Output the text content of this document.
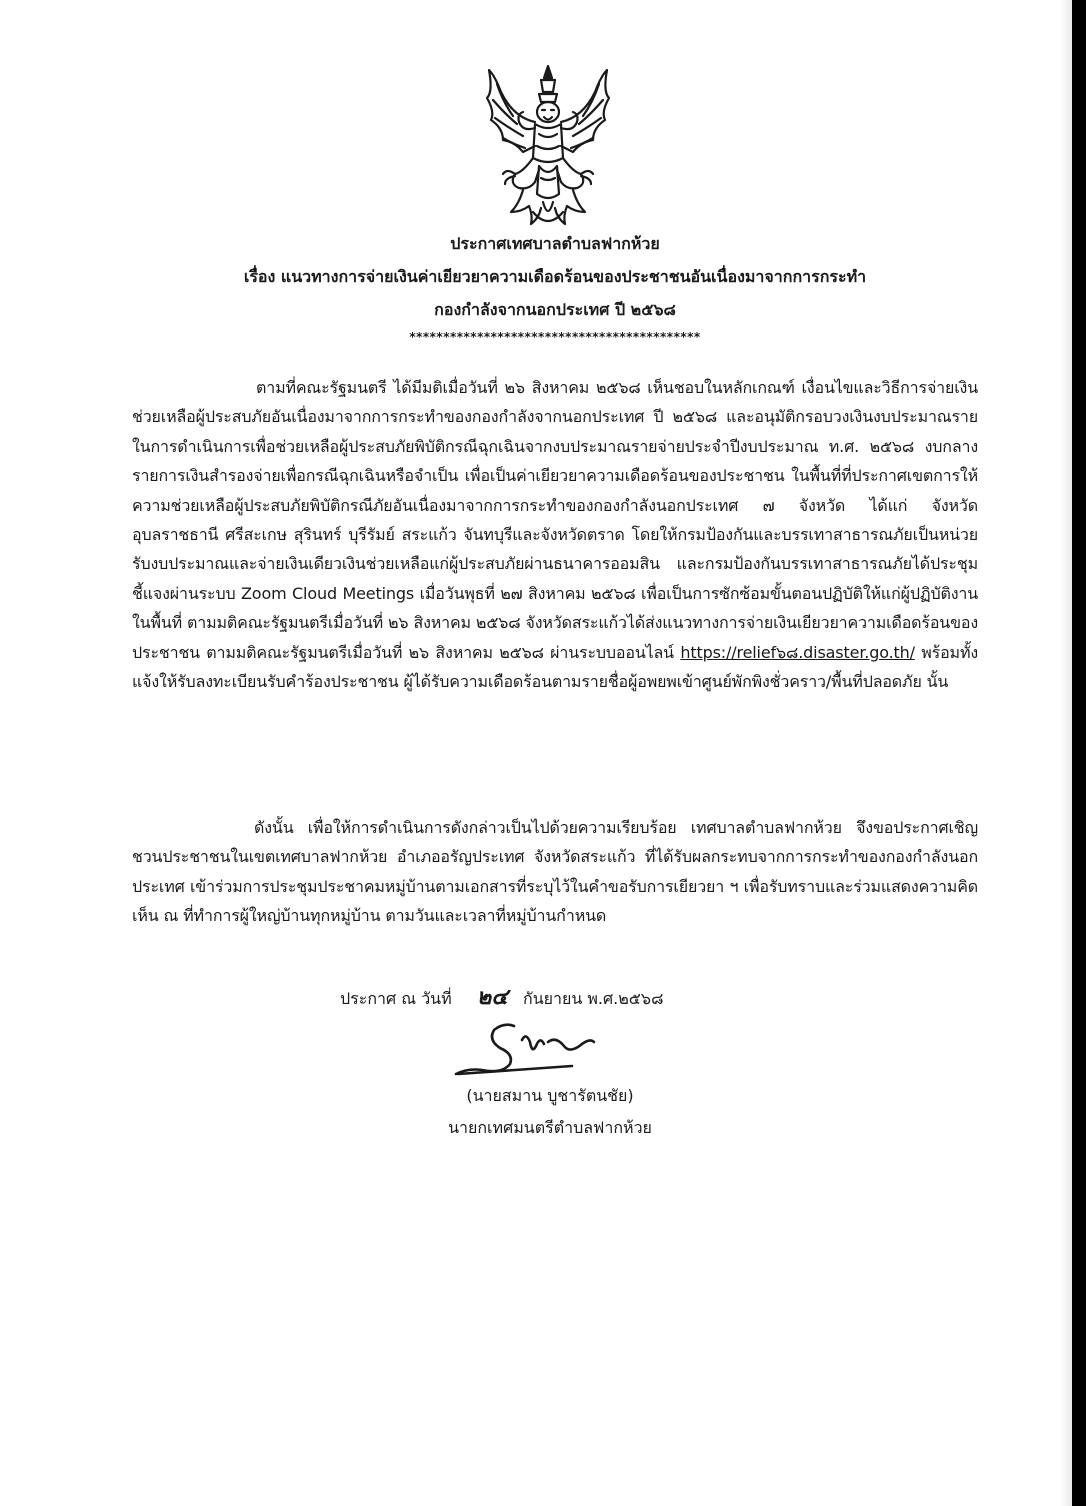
ประกาศเทศบาลตำบลฟากห้วย
เรื่อง แนวทางการจ่ายเงินค่าเยียวยาความเดือดร้อนของประชาชนอันเนื่องมาจากการกระทำ
กองกำลังจากนอกประเทศ ปี ๒๕๖๘
*******************************************

ตามที่คณะรัฐมนตรี ได้มีมติเมื่อวันที่ ๒๖ สิงหาคม ๒๕๖๘ เห็นชอบในหลักเกณฑ์ เงื่อนไขและวิธีการจ่ายเงินช่วยเหลือผู้ประสบภัยอันเนื่องมาจากการกระทำของกองกำลังจากนอกประเทศ ปี ๒๕๖๘ และอนุมัติกรอบวงเงินงบประมาณรายในการดำเนินการเพื่อช่วยเหลือผู้ประสบภัยพิบัติกรณีฉุกเฉินจากงบประมาณรายจ่ายประจำปีงบประมาณ ท.ศ. ๒๕๖๘ งบกลาง รายการเงินสำรองจ่ายเพื่อกรณีฉุกเฉินหรือจำเป็น เพื่อเป็นค่าเยียวยาความเดือดร้อนของประชาชน ในพื้นที่ที่ประกาศเขตการให้ความช่วยเหลือผู้ประสบภัยพิบัติกรณีภัยอันเนื่องมาจากการกระทำของกองกำลังนอกประเทศ ๗ จังหวัด ได้แก่ จังหวัดอุบลราชธานี ศรีสะเกษ สุรินทร์ บุรีรัมย์ สระแก้ว จันทบุรีและจังหวัดตราด โดยให้กรมป้องกันและบรรเทาสาธารณภัยเป็นหน่วยรับงบประมาณและจ่ายเงินเดียวเงินช่วยเหลือแก่ผู้ประสบภัยผ่านธนาคารออมสิน และกรมป้องกันบรรเทาสาธารณภัยได้ประชุมชี้แจงผ่านระบบ Zoom Cloud Meetings เมื่อวันพุธที่ ๒๗ สิงหาคม ๒๕๖๘ เพื่อเป็นการซักซ้อมขั้นตอนปฏิบัติให้แก่ผู้ปฏิบัติงานในพื้นที่ ตามมติคณะรัฐมนตรีเมื่อวันที่ ๒๖ สิงหาคม ๒๕๖๘ จังหวัดสระแก้วได้ส่งแนวทางการจ่ายเงินเยียวยาความเดือดร้อนของประชาชน ตามมติคณะรัฐมนตรีเมื่อวันที่ ๒๖ สิงหาคม ๒๕๖๘ ผ่านระบบออนไลน์ https://relief๖๘.disaster.go.th/ พร้อมทั้งแจ้งให้รับลงทะเบียนรับคำร้องประชาชน ผู้ได้รับความเดือดร้อนตามรายชื่อผู้อพยพเข้าศูนย์พักพิงชั่วคราว/พื้นที่ปลอดภัย นั้น

ดังนั้น เพื่อให้การดำเนินการดังกล่าวเป็นไปด้วยความเรียบร้อย เทศบาลตำบลฟากห้วย จึงขอประกาศเชิญชวนประชาชนในเขตเทศบาลฟากห้วย อำเภออรัญประเทศ จังหวัดสระแก้ว ที่ได้รับผลกระทบจากการกระทำของกองกำลังนอกประเทศ เข้าร่วมการประชุมประชาคมหมู่บ้านตามเอกสารที่ระบุไว้ในคำขอรับการเยียวยา ฯ เพื่อรับทราบและร่วมแสดงความคิดเห็น ณ ที่ทำการผู้ใหญ่บ้านทุกหมู่บ้าน ตามวันและเวลาที่หมู่บ้านกำหนด

ประกาศ ณ วันที่ ๒๔ กันยายน พ.ศ.๒๕๖๘
(นายสมาน บูชารัตนชัย)
นายกเทศมนตรีตำบลฟากห้วย
